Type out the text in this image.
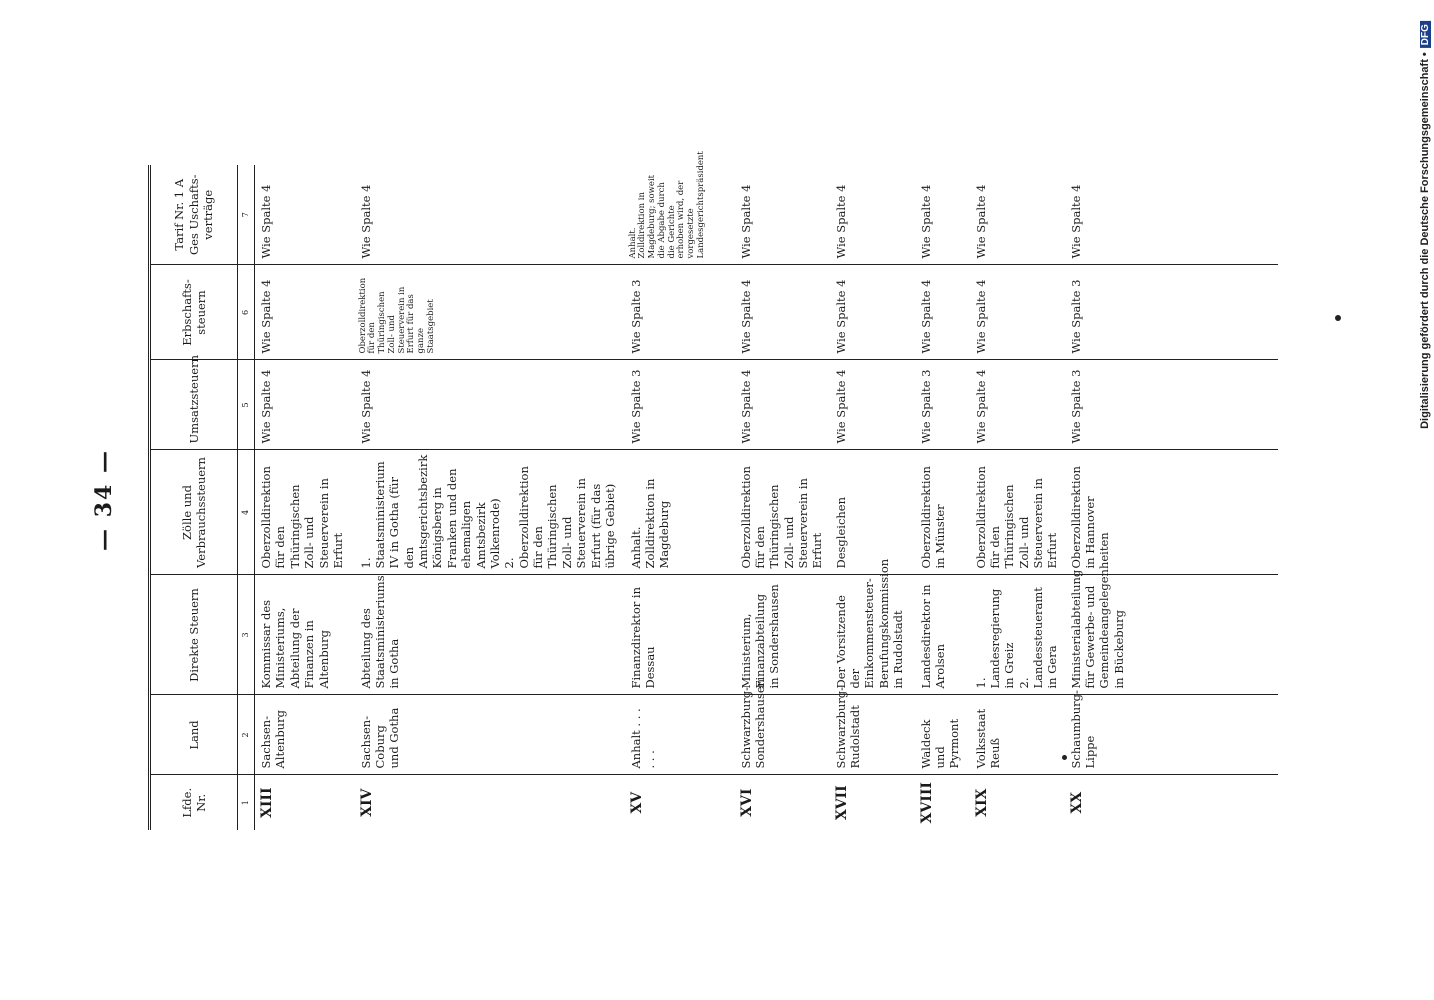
— 34 —
Digitalisierung gefördert durch die Deutsche Forschungsgemeinschaft •DFG
Lfde. Nr.	Land	Direkte Steuern	Zölle und Verbrauchssteuern	Umsatzsteuern	Erbschafts-steuern	Tarif Nr. 1 A Ges Uschafts-verträge
1	2	3	4	5	6	7
XIII	Sachsen-Altenburg	Kommissar des Ministeriums, Abteilung der Finanzen in Altenburg	Oberzolldirektion für den Thüringischen Zoll- und Steuerverein in Erfurt	Wie Spalte 4	Wie Spalte 4	Wie Spalte 4
XIV	Sachsen-Coburg und Gotha	Abteilung des Staatsministeriums in Gotha	1. Staatsministerium IV in Gotha (für den Amtsgerichtsbezirk Königsberg in Franken und den ehemaligen Amtsbezirk Volkenrode) 2. Oberzolldirektion für den Thüringischen Zoll- und Steuerverein in Erfurt (für das übrige Gebiet)	Wie Spalte 4	Oberzolldirektion für den Thüringischen Zoll- und Steuerverein in Erfurt für das ganze Staatsgebiet	Wie Spalte 4
XV	Anhalt . . . . . .	Finanzdirektor in Dessau	Anhalt. Zolldirektion in Magdeburg	Wie Spalte 3	Wie Spalte 3	Anhalt. Zolldirektion in Magdeburg; soweit die Abgabe durch die Gerichte erhoben wird, der vorgesetzte Landesgerichtspräsident
XVI	Schwarzburg-Sondershausen	Ministerium, Finanzabteilung in Sondershausen	Oberzolldirektion für den Thüringischen Zoll- und Steuerverein in Erfurt	Wie Spalte 4	Wie Spalte 4	Wie Spalte 4
XVII	Schwarzburg-Rudolstadt	Der Vorsitzende der Einkommensteuer-Berufungskommission in Rudolstadt	Desgleichen	Wie Spalte 4	Wie Spalte 4	Wie Spalte 4
XVIII	Waldeck und Pyrmont	Landesdirektor in Arolsen	Oberzolldirektion in Münster	Wie Spalte 3	Wie Spalte 4	Wie Spalte 4
XIX	Volksstaat Reuß	1. Landesregierung in Greiz 2. Landessteueramt in Gera	Oberzolldirektion für den Thüringischen Zoll- und Steuerverein in Erfurt	Wie Spalte 4	Wie Spalte 4	Wie Spalte 4
XX	Schaumburg-Lippe	Ministerialabteilung für Gewerbe- und Gemeindeangelegenheiten in Bückeburg	Oberzolldirektion in Hannover	Wie Spalte 3	Wie Spalte 3	Wie Spalte 4
